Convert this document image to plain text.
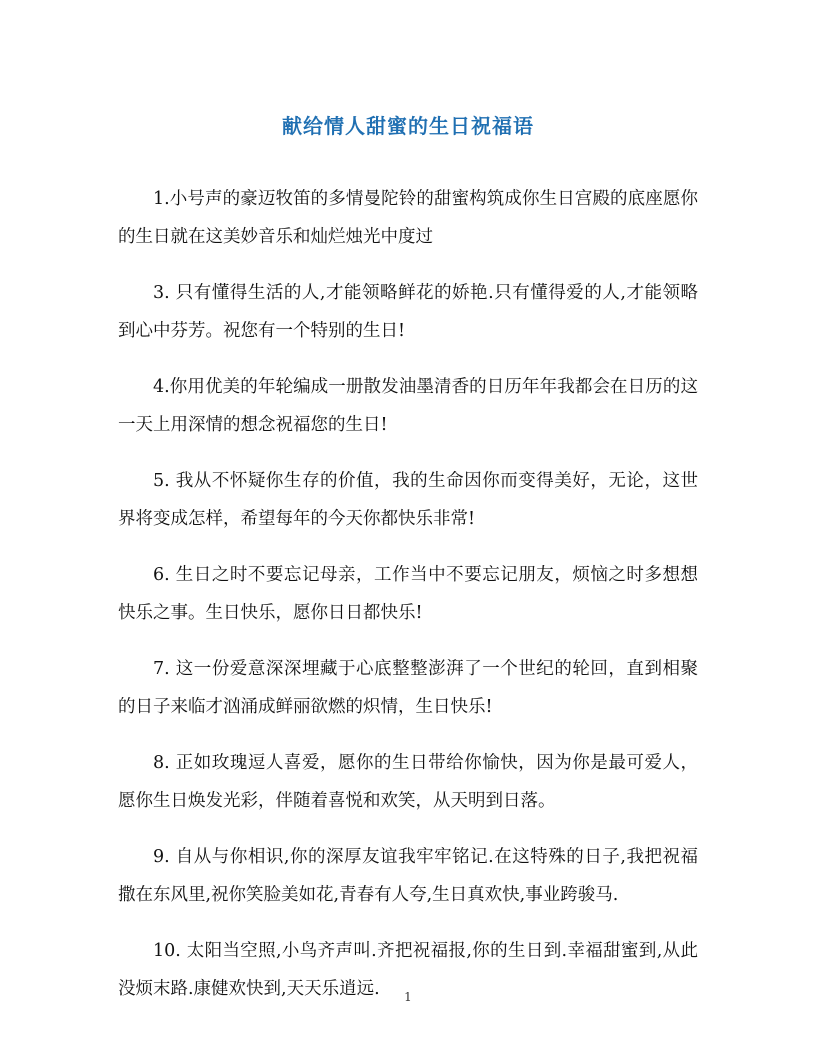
献给情人甜蜜的生日祝福语

1.小号声的豪迈牧笛的多情曼陀铃的甜蜜构筑成你生日宫殿的底座愿你的生日就在这美妙音乐和灿烂烛光中度过

3. 只有懂得生活的人,才能领略鲜花的娇艳.只有懂得爱的人,才能领略到心中芬芳。祝您有一个特别的生日!

4.你用优美的年轮编成一册散发油墨清香的日历年年我都会在日历的这一天上用深情的想念祝福您的生日!

5. 我从不怀疑你生存的价值，我的生命因你而变得美好，无论，这世界将变成怎样，希望每年的今天你都快乐非常!

6. 生日之时不要忘记母亲，工作当中不要忘记朋友，烦恼之时多想想快乐之事。生日快乐，愿你日日都快乐!

7. 这一份爱意深深埋藏于心底整整澎湃了一个世纪的轮回，直到相聚的日子来临才汹涌成鲜丽欲燃的炽情，生日快乐!

8. 正如玫瑰逗人喜爱，愿你的生日带给你愉快，因为你是最可爱人，愿你生日焕发光彩，伴随着喜悦和欢笑，从天明到日落。

9. 自从与你相识,你的深厚友谊我牢牢铭记.在这特殊的日子,我把祝福撒在东风里,祝你笑脸美如花,青春有人夸,生日真欢快,事业跨骏马.

10. 太阳当空照,小鸟齐声叫.齐把祝福报,你的生日到.幸福甜蜜到,从此没烦末路.康健欢快到,天天乐逍远.	1
